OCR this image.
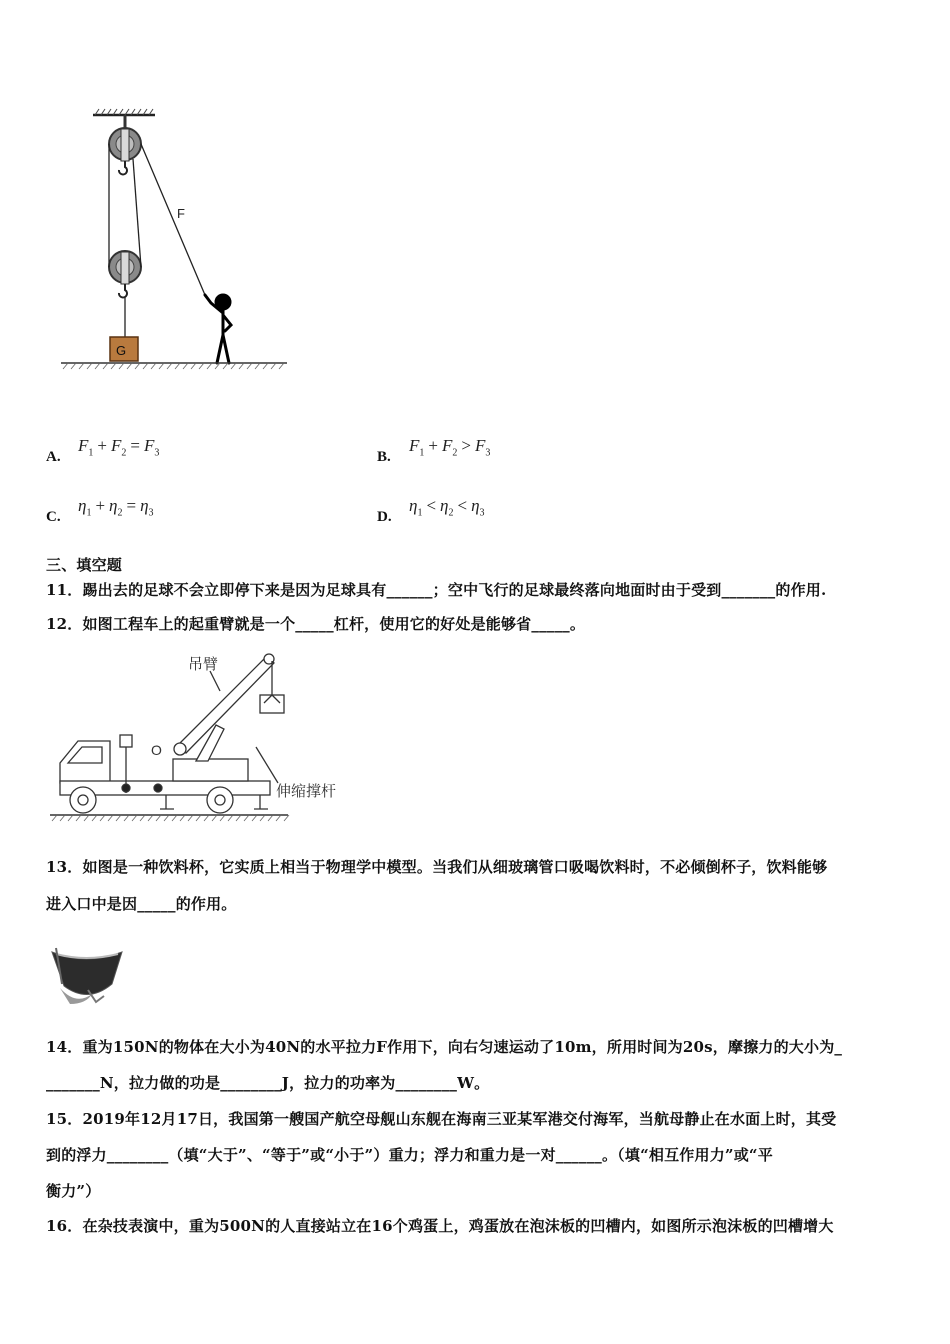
F
G
A.
$F_1 + F_2 = F_3$	B.
$F_1 + F_2 > F_3$
C.
$\eta_1 + \eta_2 = \eta_3$	D.
$\eta_1 < \eta_2 < \eta_3$
三、填空题
11．踢出去的足球不会立即停下来是因为足球具有______；空中飞行的足球最终落向地面时由于受到_______的作用.
12．如图工程车上的起重臂就是一个_____杠杆，使用它的好处是能够省_____。
吊臂
O
伸缩撑杆
13．如图是一种饮料杯，它实质上相当于物理学中模型。当我们从细玻璃管口吸喝饮料时，不必倾倒杯子，饮料能够
进入口中是因_____的作用。
14．重为150N的物体在大小为40N的水平拉力F作用下，向右匀速运动了10m，所用时间为20s，摩擦力的大小为_
_______N，拉力做的功是________J，拉力的功率为________W。
15．2019年12月17日，我国第一艘国产航空母舰山东舰在海南三亚某军港交付海军，当航母静止在水面上时，其受
到的浮力________（填“大于”、“等于”或“小于”）重力；浮力和重力是一对______。（填“相互作用力”或“平
衡力”）
16．在杂技表演中，重为500N的人直接站立在16个鸡蛋上，鸡蛋放在泡沫板的凹槽内，如图所示泡沫板的凹槽增大
